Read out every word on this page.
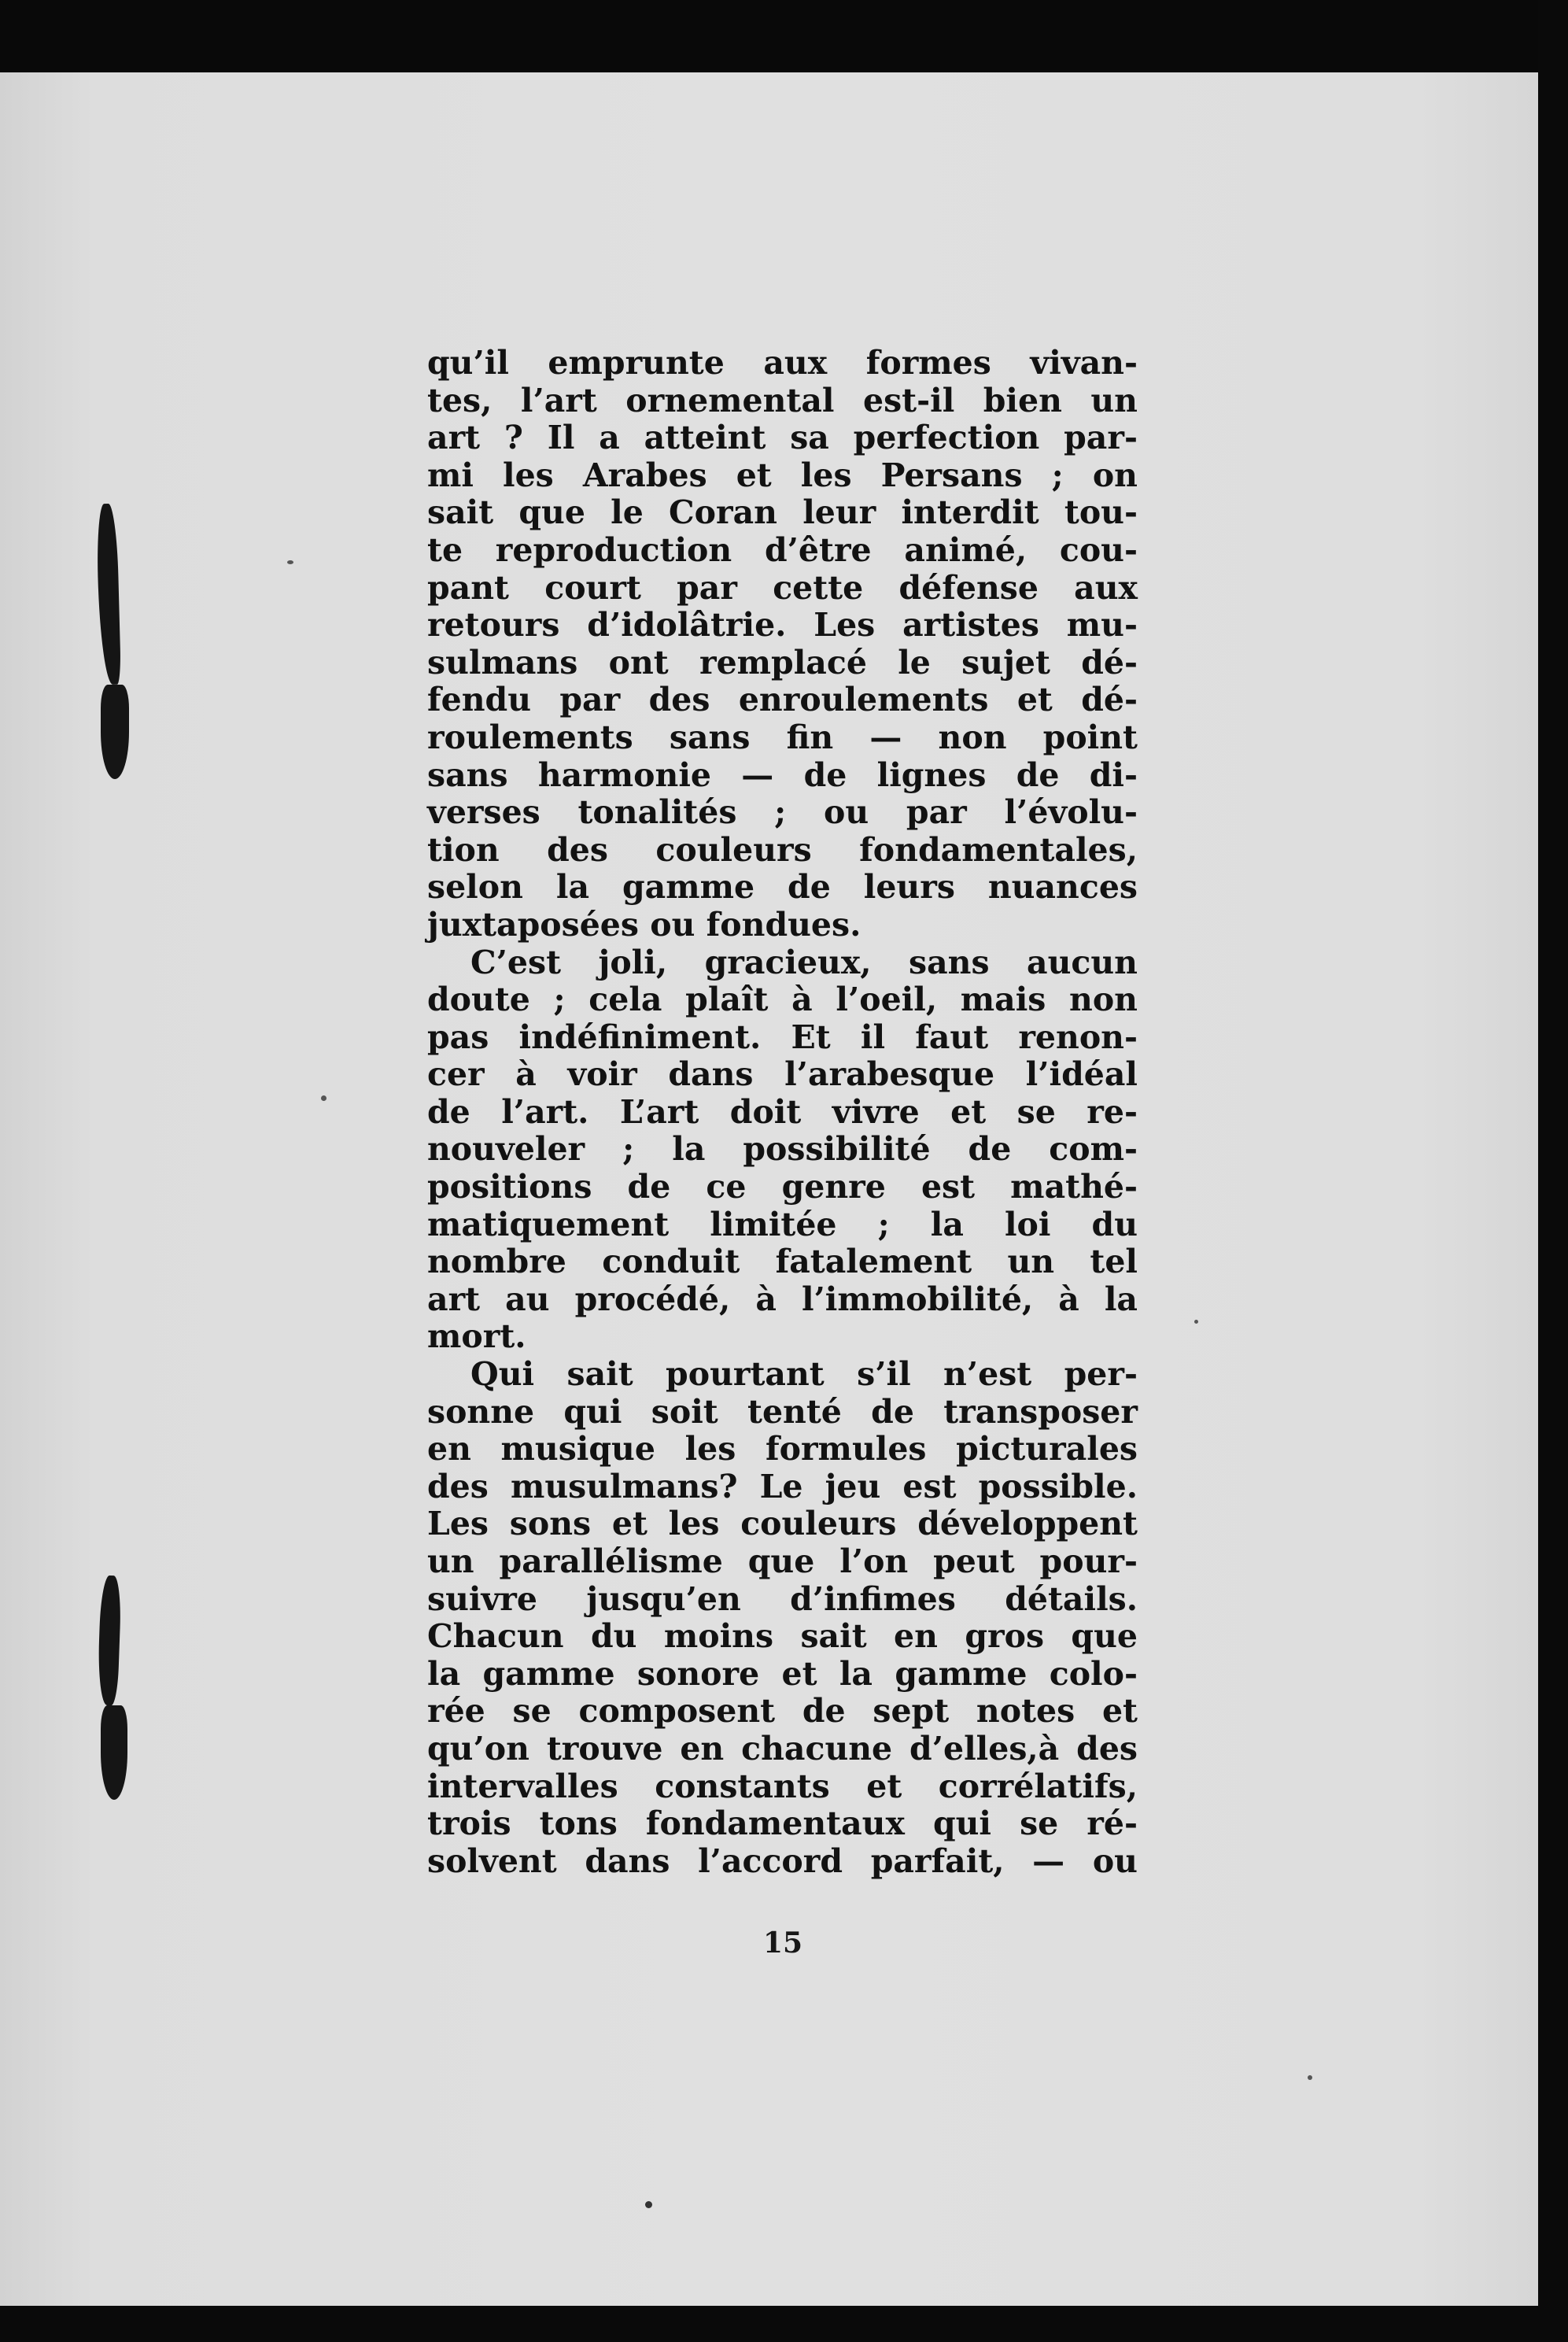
qu’il emprunte aux formes vivan-
tes, l’art ornemental est-il bien un
art ? Il a atteint sa perfection par-
mi les Arabes et les Persans ; on
sait que le Coran leur interdit tou-
te reproduction d’être animé, cou-
pant court par cette défense aux
retours d’idolâtrie. Les artistes mu-
sulmans ont remplacé le sujet dé-
fendu par des enroulements et dé-
roulements sans fin — non point
sans harmonie — de lignes de di-
verses tonalités ; ou par l’évolu-
tion des couleurs fondamentales,
selon la gamme de leurs nuances
juxtaposées ou fondues.
C’est joli, gracieux, sans aucun
doute ; cela plaît à l’oeil, mais non
pas indéfiniment. Et il faut renon-
cer à voir dans l’arabesque l’idéal
de l’art. L’art doit vivre et se re-
nouveler ; la possibilité de com-
positions de ce genre est mathé-
matiquement limitée ; la loi du
nombre conduit fatalement un tel
art au procédé, à l’immobilité, à la
mort.
Qui sait pourtant s’il n’est per-
sonne qui soit tenté de transposer
en musique les formules picturales
des musulmans? Le jeu est possible.
Les sons et les couleurs développent
un parallélisme que l’on peut pour-
suivre jusqu’en d’infimes détails.
Chacun du moins sait en gros que
la gamme sonore et la gamme colo-
rée se composent de sept notes et
qu’on trouve en chacune d’elles,à des
intervalles constants et corrélatifs,
trois tons fondamentaux qui se ré-
solvent dans l’accord parfait, — ou
15
